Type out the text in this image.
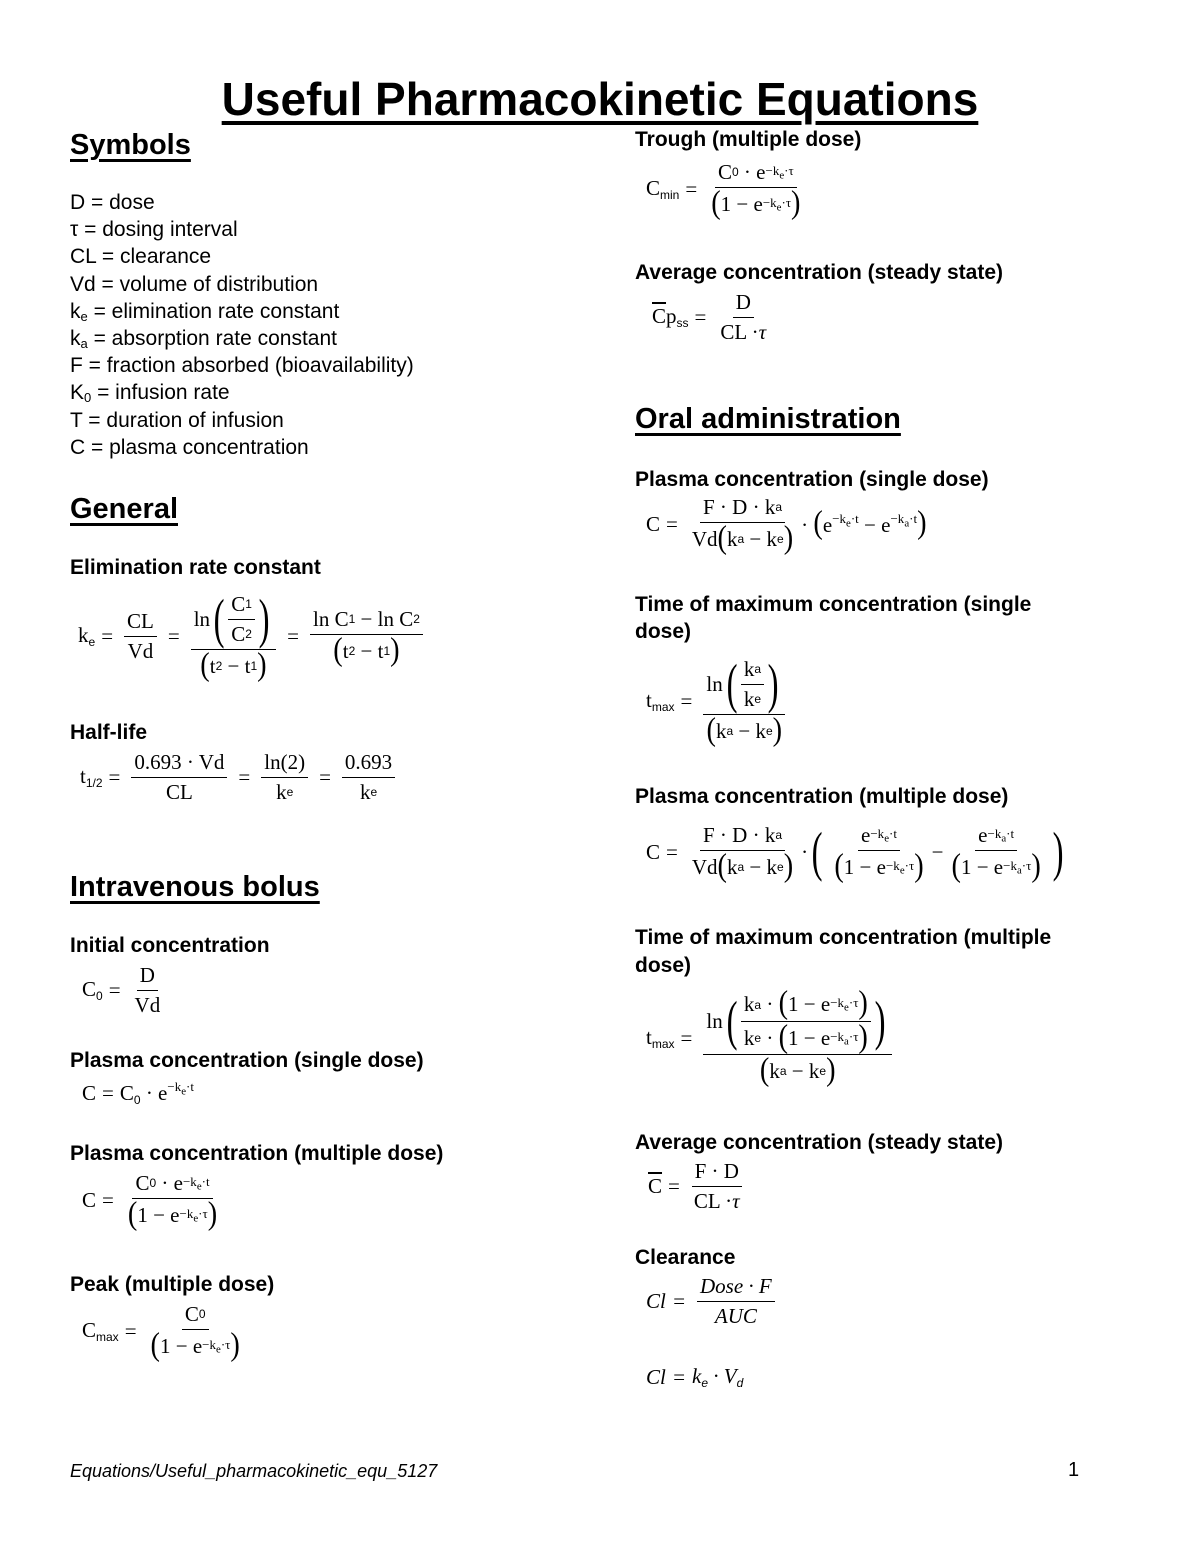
Useful Pharmacokinetic Equations
Symbols
D = dose
τ = dosing interval
CL = clearance
Vd = volume of distribution
$k_e$ = elimination rate constant
$k_a$ = absorption rate constant
F = fraction absorbed (bioavailability)
$K_0$ = infusion rate
T = duration of infusion
C = plasma concentration
General
Elimination rate constant
ke = $\frac{CL}{Vd} = \frac{\ln ( \frac{C 1}{C 2} )}{( t 2 - t 1 )} = \frac{\text{ln C 1 − ln C 2}}{( t 2 - t 1 )}$
Half-life
$t1/2 = \frac{0.693 \cdot Vd}{CL} = \frac{\ln(2)}{\text{k e}} = \frac{0.693}{\text{k e}}$
Intravenous bolus
Initial concentration
$C0 = \frac{D}{Vd}$
Plasma concentration (single dose)
$C = C0 \cdot e^{-k_e\cdot t}$
Plasma concentration (multiple dose)
$C = \frac{C 0 \cdot e -k_e\cdot t}{( 1 - e -k_e\cdot\tau )}$
Peak (multiple dose)
$Cmax = \frac{C 0}{( 1 - e -k_e\cdot\tau )}$
Trough (multiple dose)
$Cmin = \frac{C 0 \cdot e -k_e\cdot\tau}{( 1 - e -k_e\cdot\tau )}$
Average concentration (steady state)
$\overline{C}pss = \frac{D}{CL \cdot \tau}$
Oral administration
Plasma concentration (single dose)
$C = \frac{\text{F · D · k a}}{\text{Vd ( k a − k e )}} \cdot (e^{-k_e\cdot t} - e^{-k_a\cdot t})$
Time of maximum concentration (single
dose)
$tmax = \frac{\ln ( \frac{\text{k a}}{\text{k e}} )}{\text{( k a − k e )}}$
Plasma concentration (multiple dose)
$C = \frac{\text{F · D · k a}}{\text{Vd ( k a − k e )}}$ · ( $\frac{e -k_e\cdot t}{( 1 - e -k_e\cdot\tau )} - \frac{e -k_a\cdot t}{( 1 - e -k_a\cdot\tau )}$ )
Time of maximum concentration (multiple
dose)
$tmax = \frac{\ln ( \frac{k a \cdot ( 1 - e -k_e\cdot\tau )}{k e \cdot ( 1 - e -k_a\cdot\tau )} )}{\text{( k a − k e )}}$
Average concentration (steady state)
$\overline{C} = \frac{F \cdot D}{CL \cdot \tau}$
Clearance
$Cl = \frac{\text{Dose · F}}{\text{AUC}}$
Cl = ke · Vd
Equations/Useful_pharmacokinetic_equ_5127	1
